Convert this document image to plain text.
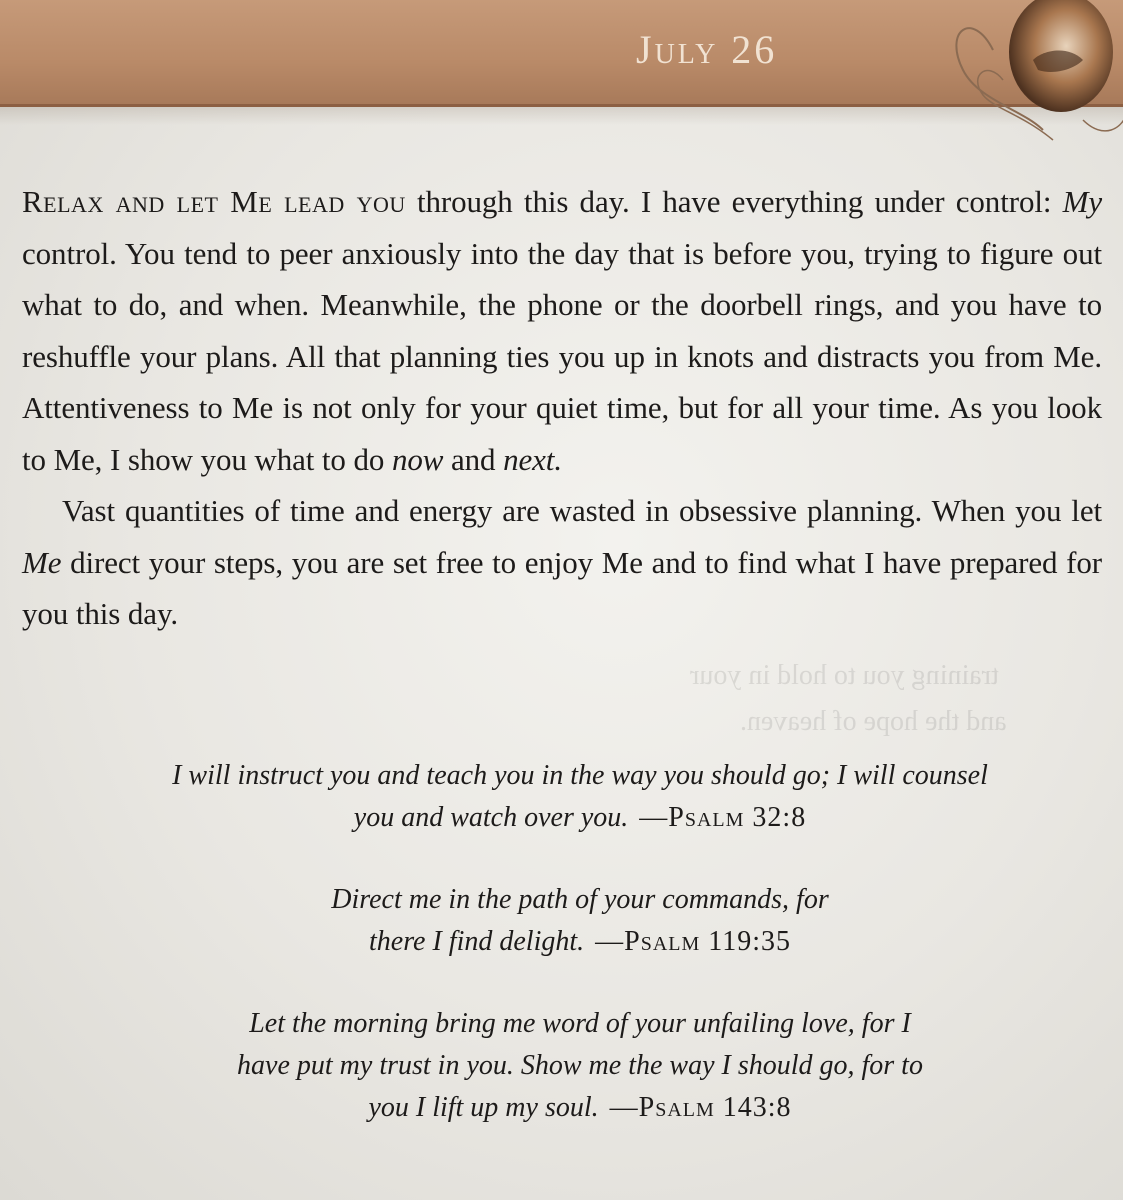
July 26
training you to hold in your
and the hope of heaven.

Relax and let Me lead you through this day. I have everything under control: My control. You tend to peer anxiously into the day that is before you, trying to figure out what to do, and when. Meanwhile, the phone or the doorbell rings, and you have to reshuffle your plans. All that planning ties you up in knots and distracts you from Me. Attentiveness to Me is not only for your quiet time, but for all your time. As you look to Me, I show you what to do now and next.

Vast quantities of time and energy are wasted in obsessive planning. When you let Me direct your steps, you are set free to enjoy Me and to find what I have prepared for you this day.

I will instruct you and teach you in the way you should go; I will counsel you and watch over you. —Psalm 32:8

Direct me in the path of your commands, for there I find delight. —Psalm 119:35

Let the morning bring me word of your unfailing love, for I have put my trust in you. Show me the way I should go, for to you I lift up my soul. —Psalm 143:8
